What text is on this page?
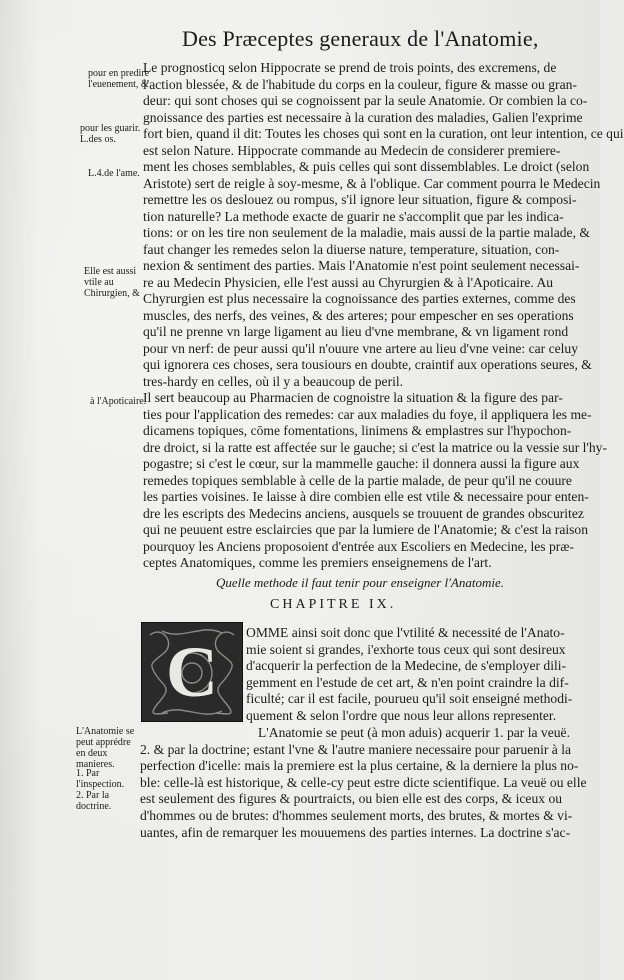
Des Præceptes generaux de l'Anatomie,
pour en predire l'euenement, &
pour les guarir. L.des os.
L.4.de l'ame.
Elle est aussi vtile au Chirurgien, &
à l'Apoticaire.
L'Anatomie se peut apprédre en deux manieres.
1. Par l'inspection.
2. Par la doctrine.
Le prognosticq selon Hippocrate se prend de trois points, des excremens, de
l'action blessée, & de l'habitude du corps en la couleur, figure & masse ou gran-
deur: qui sont choses qui se cognoissent par la seule Anatomie. Or combien la co-
gnoissance des parties est necessaire à la curation des maladies, Galien l'exprime
fort bien, quand il dit: Toutes les choses qui sont en la curation, ont leur intention, ce qui
est selon Nature. Hippocrate commande au Medecin de considerer premiere-
ment les choses semblables, & puis celles qui sont dissemblables. Le droict (selon
Aristote) sert de reigle à soy-mesme, & à l'oblique. Car comment pourra le Medecin
remettre les os deslouez ou rompus, s'il ignore leur situation, figure & composi-
tion naturelle? La methode exacte de guarir ne s'accomplit que par les indica-
tions: or on les tire non seulement de la maladie, mais aussi de la partie malade, &
faut changer les remedes selon la diuerse nature, temperature, situation, con-
nexion & sentiment des parties. Mais l'Anatomie n'est point seulement necessai-
re au Medecin Physicien, elle l'est aussi au Chyrurgien & à l'Apoticaire. Au
Chyrurgien est plus necessaire la cognoissance des parties externes, comme des
muscles, des nerfs, des veines, & des arteres; pour empescher en ses operations
qu'il ne prenne vn large ligament au lieu d'vne membrane, & vn ligament rond
pour vn nerf: de peur aussi qu'il n'ouure vne artere au lieu d'vne veine: car celuy
qui ignorera ces choses, sera tousiours en doubte, craintif aux operations seures, &
tres-hardy en celles, où il y a beaucoup de peril.
Il sert beaucoup au Pharmacien de cognoistre la situation & la figure des par-
ties pour l'application des remedes: car aux maladies du foye, il appliquera les me-
dicamens topiques, cōme fomentations, linimens & emplastres sur l'hypochon-
dre droict, si la ratte est affectée sur le gauche; si c'est la matrice ou la vessie sur l'hy-
pogastre; si c'est le cœur, sur la mammelle gauche: il donnera aussi la figure aux
remedes topiques semblable à celle de la partie malade, de peur qu'il ne couure
les parties voisines. Ie laisse à dire combien elle est vtile & necessaire pour enten-
dre les escripts des Medecins anciens, ausquels se trouuent de grandes obscuritez
qui ne peuuent estre esclaircies que par la lumiere de l'Anatomie; & c'est la raison
pourquoy les Anciens proposoient d'entrée aux Escoliers en Medecine, les præ-
ceptes Anatomiques, comme les premiers enseignemens de l'art.
Quelle methode il faut tenir pour enseigner l'Anatomie.
CHAPITRE IX.
C	OMME ainsi soit donc que l'vtilité & necessité de l'Anato-
mie soient si grandes, i'exhorte tous ceux qui sont desireux
d'acquerir la perfection de la Medecine, de s'employer dili-
gemment en l'estude de cet art, & n'en point craindre la dif-
ficulté; car il est facile, pourueu qu'il soit enseigné methodi-
quement & selon l'ordre que nous leur allons representer.
L'Anatomie se peut (à mon aduis) acquerir 1. par la veuë.
2. & par la doctrine; estant l'vne & l'autre maniere necessaire pour paruenir à la
perfection d'icelle: mais la premiere est la plus certaine, & la derniere la plus no-
ble: celle-là est historique, & celle-cy peut estre dicte scientifique. La veuë ou elle
est seulement des figures & pourtraicts, ou bien elle est des corps, & iceux ou
d'hommes ou de brutes: d'hommes seulement morts, des brutes, & mortes & vi-
uantes, afin de remarquer les mouuemens des parties internes. La doctrine s'ac-
